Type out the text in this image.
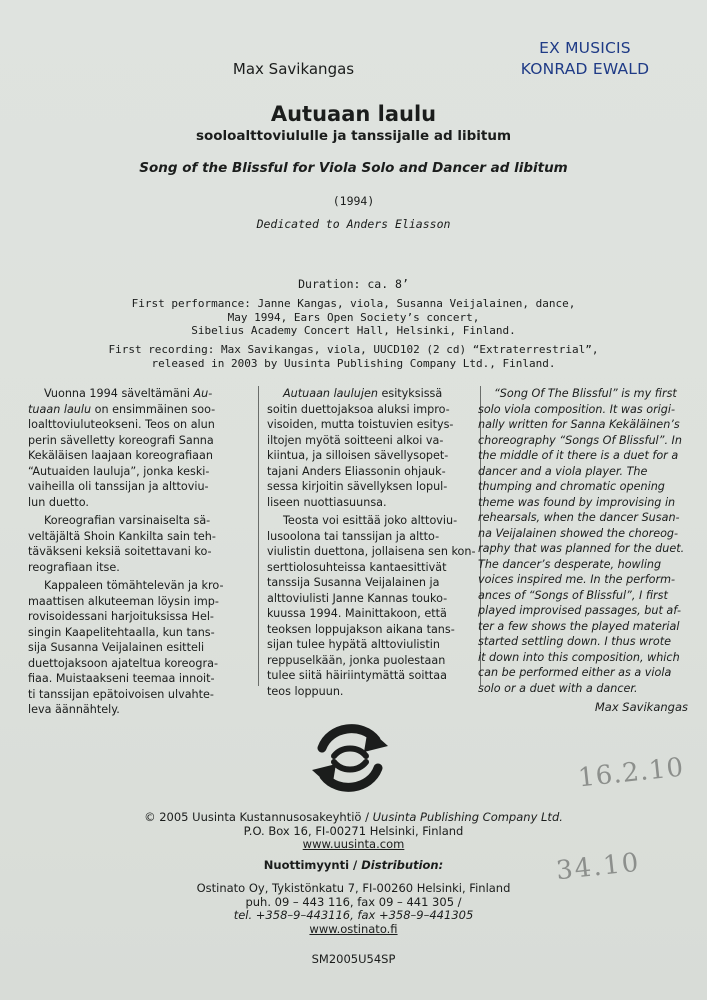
EX MUSICIS
KONRAD EWALD
Max Savikangas
Autuaan laulu
sooloalttoviululle ja tanssijalle ad libitum
Song of the Blissful for Viola Solo and Dancer ad libitum
(1994)
Dedicated to Anders Eliasson
Duration: ca. 8’
First performance: Janne Kangas, viola, Susanna Veijalainen, dance,
May 1994, Ears Open Society’s concert,
Sibelius Academy Concert Hall, Helsinki, Finland.
First recording: Max Savikangas, viola, UUCD102 (2 cd) “Extraterrestrial”,
released in 2003 by Uusinta Publishing Company Ltd., Finland.
Vuonna 1994 säveltämäni Au-
tuaan laulu on ensimmäinen soo-
loalttoviuluteokseni. Teos on alun
perin sävelletty koreografi Sanna
Kekäläisen laajaan koreografiaan
“Autuaiden lauluja”, jonka keski-
vaiheilla oli tanssijan ja alttoviu-
lun duetto.
Koreografian varsinaiselta sä-
veltäjältä Shoin Kankilta sain teh-
täväkseni keksiä soitettavani ko-
reografiaan itse.
Kappaleen tömähtelevän ja kro-
maattisen alkuteeman löysin imp-
rovisoidessani harjoituksissa Hel-
singin Kaapelitehtaalla, kun tans-
sija Susanna Veijalainen esitteli
duettojaksoon ajateltua koreogra-
fiaa. Muistaakseni teemaa innoit-
ti tanssijan epätoivoisen ulvahte-
leva äännähtely.
Autuaan laulujen esityksissä
soitin duettojaksoa aluksi impro-
visoiden, mutta toistuvien esitys-
iltojen myötä soitteeni alkoi va-
kiintua, ja silloisen sävellysopet-
tajani Anders Eliassonin ohjauk-
sessa kirjoitin sävellyksen lopul-
liseen nuottiasuunsa.
Teosta voi esittää joko alttoviu-
lusoolona tai tanssijan ja altto-
viulistin duettona, jollaisena sen kon-
serttiolosuhteissa kantaesittivät
tanssija Susanna Veijalainen ja
alttoviulisti Janne Kannas touko-
kuussa 1994. Mainittakoon, että
teoksen loppujakson aikana tans-
sijan tulee hypätä alttoviulistin
reppuselkään, jonka puolestaan
tulee siitä häiriintymättä soittaa
teos loppuun.
“Song Of The Blissful” is my first
solo viola composition. It was origi-
nally written for Sanna Kekäläinen’s
choreography “Songs Of Blissful”. In
the middle of it there is a duet for a
dancer and a viola player. The
thumping and chromatic opening
theme was found by improvising in
rehearsals, when the dancer Susan-
na Veijalainen showed the choreog-
raphy that was planned for the duet.
The dancer’s desperate, howling
voices inspired me. In the perform-
ances of “Songs of Blissful”, I first
played improvised passages, but af-
ter a few shows the played material
started settling down. I thus wrote
it down into this composition, which
can be performed either as a viola
solo or a duet with a dancer.
Max Savikangas
16.2.10
34.10
© 2005 Uusinta Kustannusosakeyhtiö / Uusinta Publishing Company Ltd.
P.O. Box 16, FI-00271 Helsinki, Finland
www.uusinta.com
Nuottimyynti / Distribution:
Ostinato Oy, Tykistönkatu 7, FI-00260 Helsinki, Finland
puh. 09 – 443 116, fax 09 – 441 305 /
tel. +358–9–443116, fax +358–9–441305
www.ostinato.fi
SM2005U54SP
